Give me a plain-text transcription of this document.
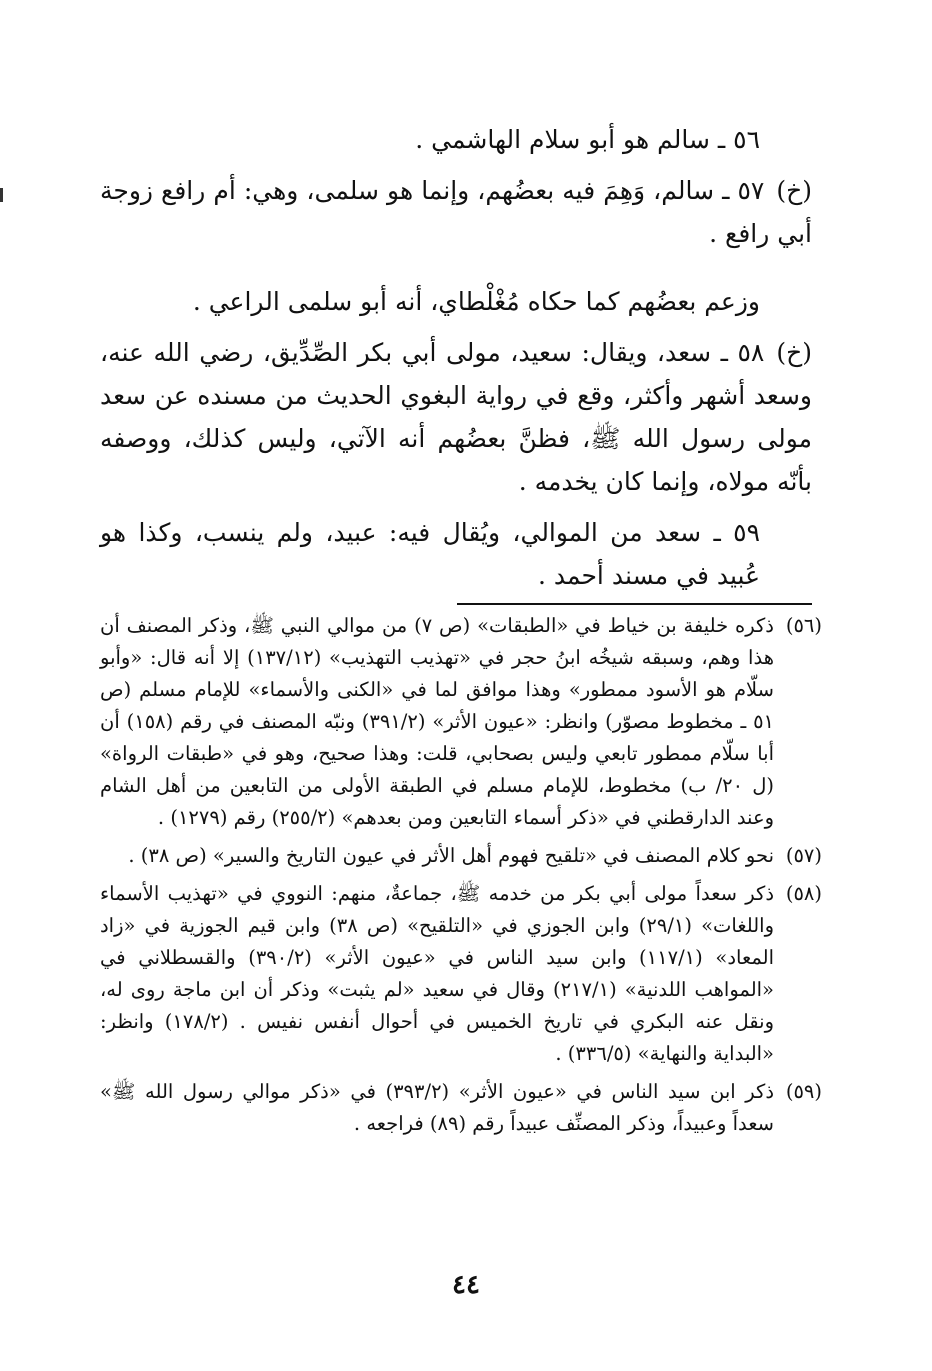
٥٦ ـ سالم هو أبو سلام الهاشمي .

(خ)٥٧ ـ سالم، وَهِمَ فيه بعضُهم، وإنما هو سلمى، وهي: أم رافع زوجة أبي رافع .

وزعم بعضُهم كما حكاه مُغْلْطاي، أنه أبو سلمى الراعي .

(خ)٥٨ ـ سعد، ويقال: سعيد، مولى أبي بكر الصِّدِّيق، رضي الله عنه، وسعد أشهر وأكثر، وقع في رواية البغوي الحديث من مسنده عن سعد مولى رسول الله ﷺ، فظنَّ بعضُهم أنه الآتي، وليس كذلك، ووصفه بأنّه مولاه، وإنما كان يخدمه .

٥٩ ـ سعد من الموالي، ويُقال فيه: عبيد، ولم ينسب، وكذا هو عُبيد في مسند أحمد .

(٥٦)ذكره خليفة بن خياط في «الطبقات» (ص ٧) من موالي النبي ﷺ، وذكر المصنف أن هذا وهم، وسبقه شيخُه ابنُ حجر في «تهذيب التهذيب» (١٣٧/١٢) إلا أنه قال: «وأبو سلّام هو الأسود ممطور» وهذا موافق لما في «الكنى والأسماء» للإمام مسلم (ص ٥١ ـ مخطوط مصوّر) وانظر: «عيون الأثر» (٣٩١/٢) ونبّه المصنف في رقم (١٥٨) أن أبا سلّام ممطور تابعي وليس بصحابي، قلت: وهذا صحيح، وهو في «طبقات الرواة» (ل ٢٠/ ب) مخطوط، للإمام مسلم في الطبقة الأولى من التابعين من أهل الشام وعند الدارقطني في «ذكر أسماء التابعين ومن بعدهم» (٢٥٥/٢) رقم (١٢٧٩) .

(٥٧)نحو كلام المصنف في «تلقيح فهوم أهل الأثر في عيون التاريخ والسير» (ص ٣٨) .

(٥٨)ذكر سعداً مولى أبي بكر من خدمه ﷺ، جماعةٌ، منهم: النووي في «تهذيب الأسماء واللغات» (٢٩/١) وابن الجوزي في «التلقيح» (ص ٣٨) وابن قيم الجوزية في «زاد المعاد» (١١٧/١) وابن سيد الناس في «عيون الأثر» (٣٩٠/٢) والقسطلاني في «المواهب اللدنية» (٢١٧/١) وقال في سعيد «لم يثبت» وذكر أن ابن ماجة روى له، ونقل عنه البكري في تاريخ الخميس في أحوال أنفس نفيس . (١٧٨/٢) وانظر: «البداية والنهاية» (٣٣٦/٥) .

(٥٩)ذكر ابن سيد الناس في «عيون الأثر» (٣٩٣/٢) في «ذكر موالي رسول الله ﷺ» سعداً وعبيداً، وذكر المصنِّف عبيداً رقم (٨٩) فراجعه .

٤٤
